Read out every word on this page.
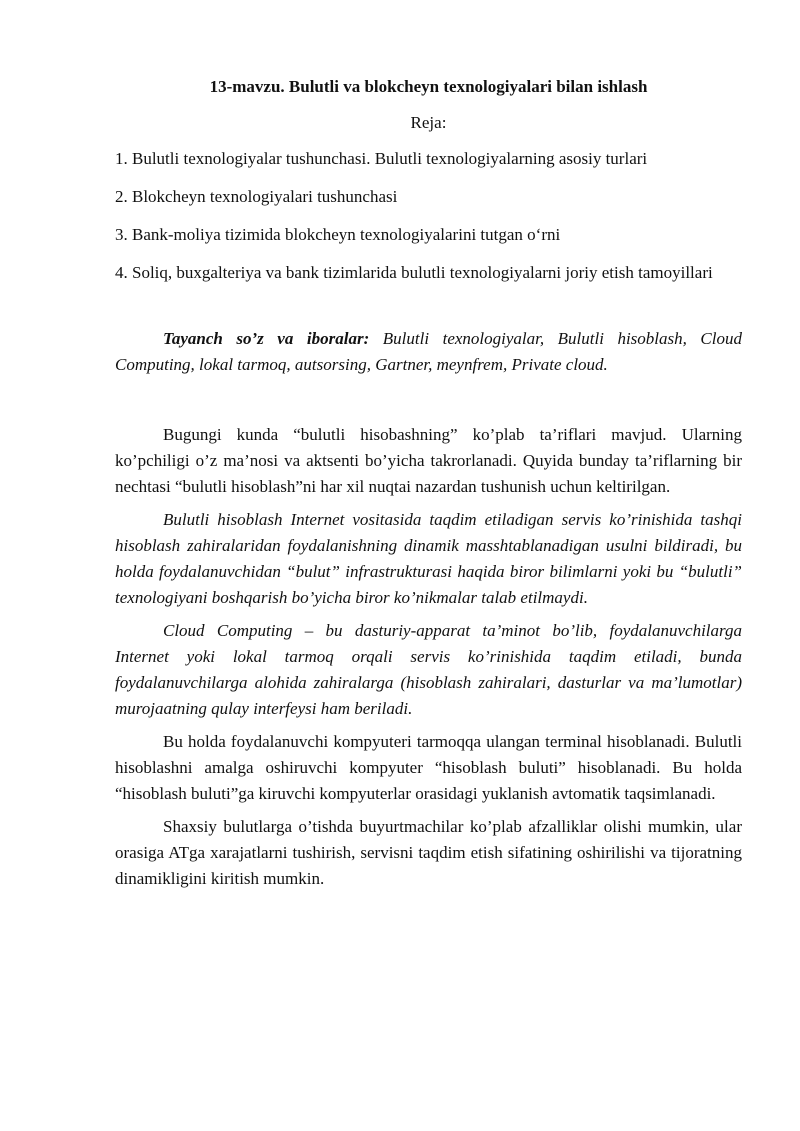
13-mavzu. Bulutli va blokcheyn texnologiyalari bilan ishlash
Reja:
1. Bulutli texnologiyalar tushunchasi. Bulutli texnologiyalarning asosiy turlari
2. Blokcheyn texnologiyalari tushunchasi
3. Bank-moliya tizimida blokcheyn texnologiyalarini tutgan o‘rni
4. Soliq, buxgalteriya va bank tizimlarida bulutli texnologiyalarni joriy etish tamoyillari

Tayanch so’z va iboralar: Bulutli texnologiyalar, Bulutli hisoblash, Cloud Computing, lokal tarmoq, autsorsing, Gartner, meynfrem, Private cloud.

Bugungi kunda “bulutli hisobashning” ko’plab ta’riflari mavjud. Ularning ko’pchiligi o’z ma’nosi va aktsenti bo’yicha takrorlanadi. Quyida bunday ta’riflarning bir nechtasi “bulutli hisoblash”ni har xil nuqtai nazardan tushunish uchun keltirilgan.

Bulutli hisoblash Internet vositasida taqdim etiladigan servis ko’rinishida tashqi hisoblash zahiralaridan foydalanishning dinamik masshtablanadigan usulni bildiradi, bu holda foydalanuvchidan “bulut” infrastrukturasi haqida biror bilimlarni yoki bu “bulutli” texnologiyani boshqarish bo’yicha biror ko’nikmalar talab etilmaydi.

Cloud Computing – bu dasturiy-apparat ta’minot bo’lib, foydalanuvchilarga Internet yoki lokal tarmoq orqali servis ko’rinishida taqdim etiladi, bunda foydalanuvchilarga alohida zahiralarga (hisoblash zahiralari, dasturlar va ma’lumotlar) murojaatning qulay interfeysi ham beriladi.

Bu holda foydalanuvchi kompyuteri tarmoqqa ulangan terminal hisoblanadi. Bulutli hisoblashni amalga oshiruvchi kompyuter “hisoblash buluti” hisoblanadi. Bu holda “hisoblash buluti”ga kiruvchi kompyuterlar orasidagi yuklanish avtomatik taqsimlanadi.

Shaxsiy bulutlarga o’tishda buyurtmachilar ko’plab afzalliklar olishi mumkin, ular orasiga ATga xarajatlarni tushirish, servisni taqdim etish sifatining oshirilishi va tijoratning dinamikligini kiritish mumkin.
